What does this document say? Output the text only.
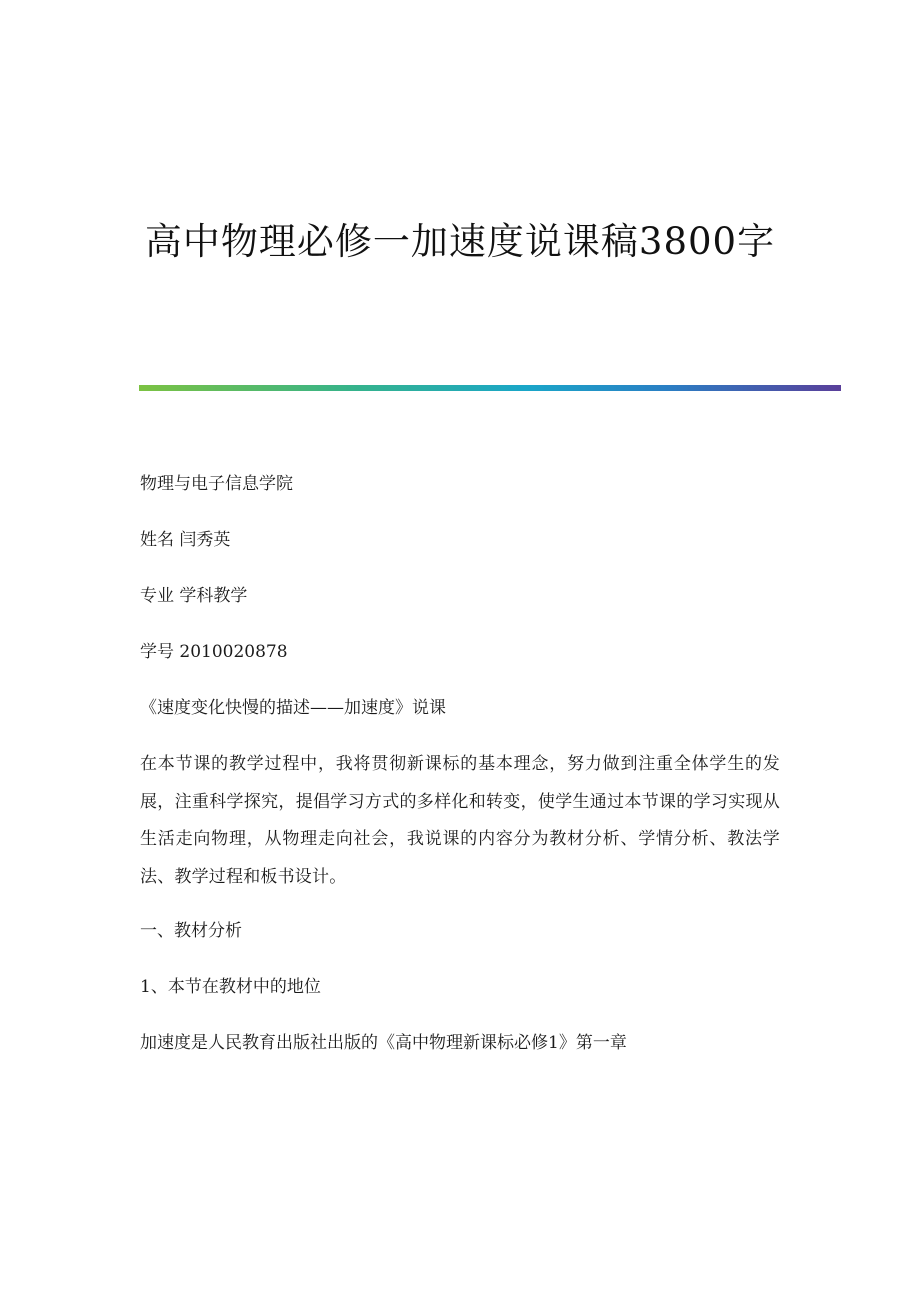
高中物理必修一加速度说课稿3800字
物理与电子信息学院
姓名 闫秀英
专业 学科教学
学号 2010020878
《速度变化快慢的描述——加速度》说课
在本节课的教学过程中，我将贯彻新课标的基本理念，努力做到注重全体学生的发展，注重科学探究，提倡学习方式的多样化和转变，使学生通过本节课的学习实现从生活走向物理，从物理走向社会，我说课的内容分为教材分析、学情分析、教法学法、教学过程和板书设计。
一、教材分析
1、本节在教材中的地位
加速度是人民教育出版社出版的《高中物理新课标必修1》第一章
